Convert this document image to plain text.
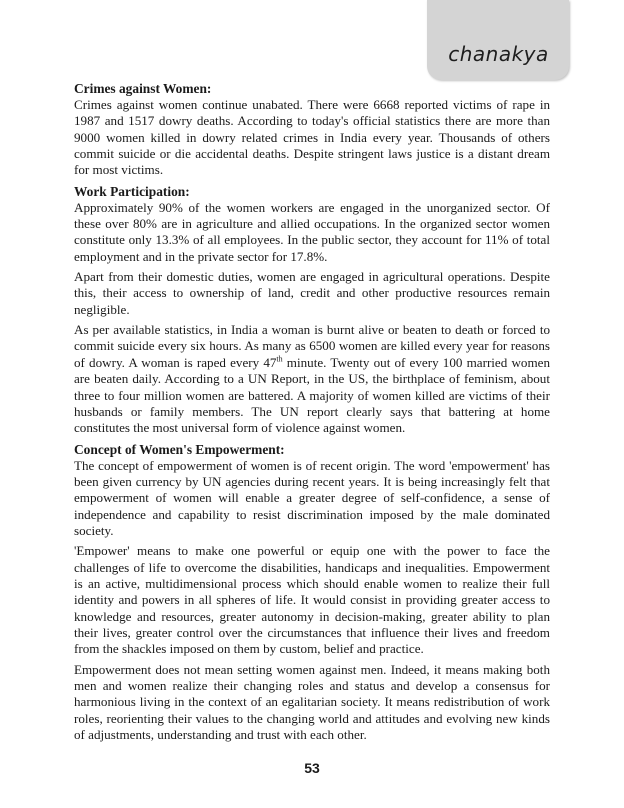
chanakya
Crimes against Women:

Crimes against women continue unabated. There were 6668 reported victims of rape in 1987 and 1517 dowry deaths. According to today's official statistics there are more than 9000 women killed in dowry related crimes in India every year. Thousands of others commit suicide or die accidental deaths. Despite stringent laws justice is a distant dream for most victims.

Work Participation:

Approximately 90% of the women workers are engaged in the unorganized sector. Of these over 80% are in agriculture and allied occupations. In the organized sector women constitute only 13.3% of all employees. In the public sector, they account for 11% of total employment and in the private sector for 17.8%.

Apart from their domestic duties, women are engaged in agricultural operations. Despite this, their access to ownership of land, credit and other productive resources remain negligible.

As per available statistics, in India a woman is burnt alive or beaten to death or forced to commit suicide every six hours. As many as 6500 women are killed every year for reasons of dowry. A woman is raped every 47th minute. Twenty out of every 100 married women are beaten daily. According to a UN Report, in the US, the birthplace of feminism, about three to four million women are battered. A majority of women killed are victims of their husbands or family members. The UN report clearly says that battering at home constitutes the most universal form of violence against women.

Concept of Women's Empowerment:

The concept of empowerment of women is of recent origin. The word 'empowerment' has been given currency by UN agencies during recent years. It is being increasingly felt that empowerment of women will enable a greater degree of self-confidence, a sense of independence and capability to resist discrimination imposed by the male dominated society.

'Empower' means to make one powerful or equip one with the power to face the challenges of life to overcome the disabilities, handicaps and inequalities. Empowerment is an active, multidimensional process which should enable women to realize their full identity and powers in all spheres of life. It would consist in providing greater access to knowledge and resources, greater autonomy in decision-making, greater ability to plan their lives, greater control over the circumstances that influence their lives and freedom from the shackles imposed on them by custom, belief and practice.

Empowerment does not mean setting women against men. Indeed, it means making both men and women realize their changing roles and status and develop a consensus for harmonious living in the context of an egalitarian society. It means redistribution of work roles, reorienting their values to the changing world and attitudes and evolving new kinds of adjustments, understanding and trust with each other.

53
